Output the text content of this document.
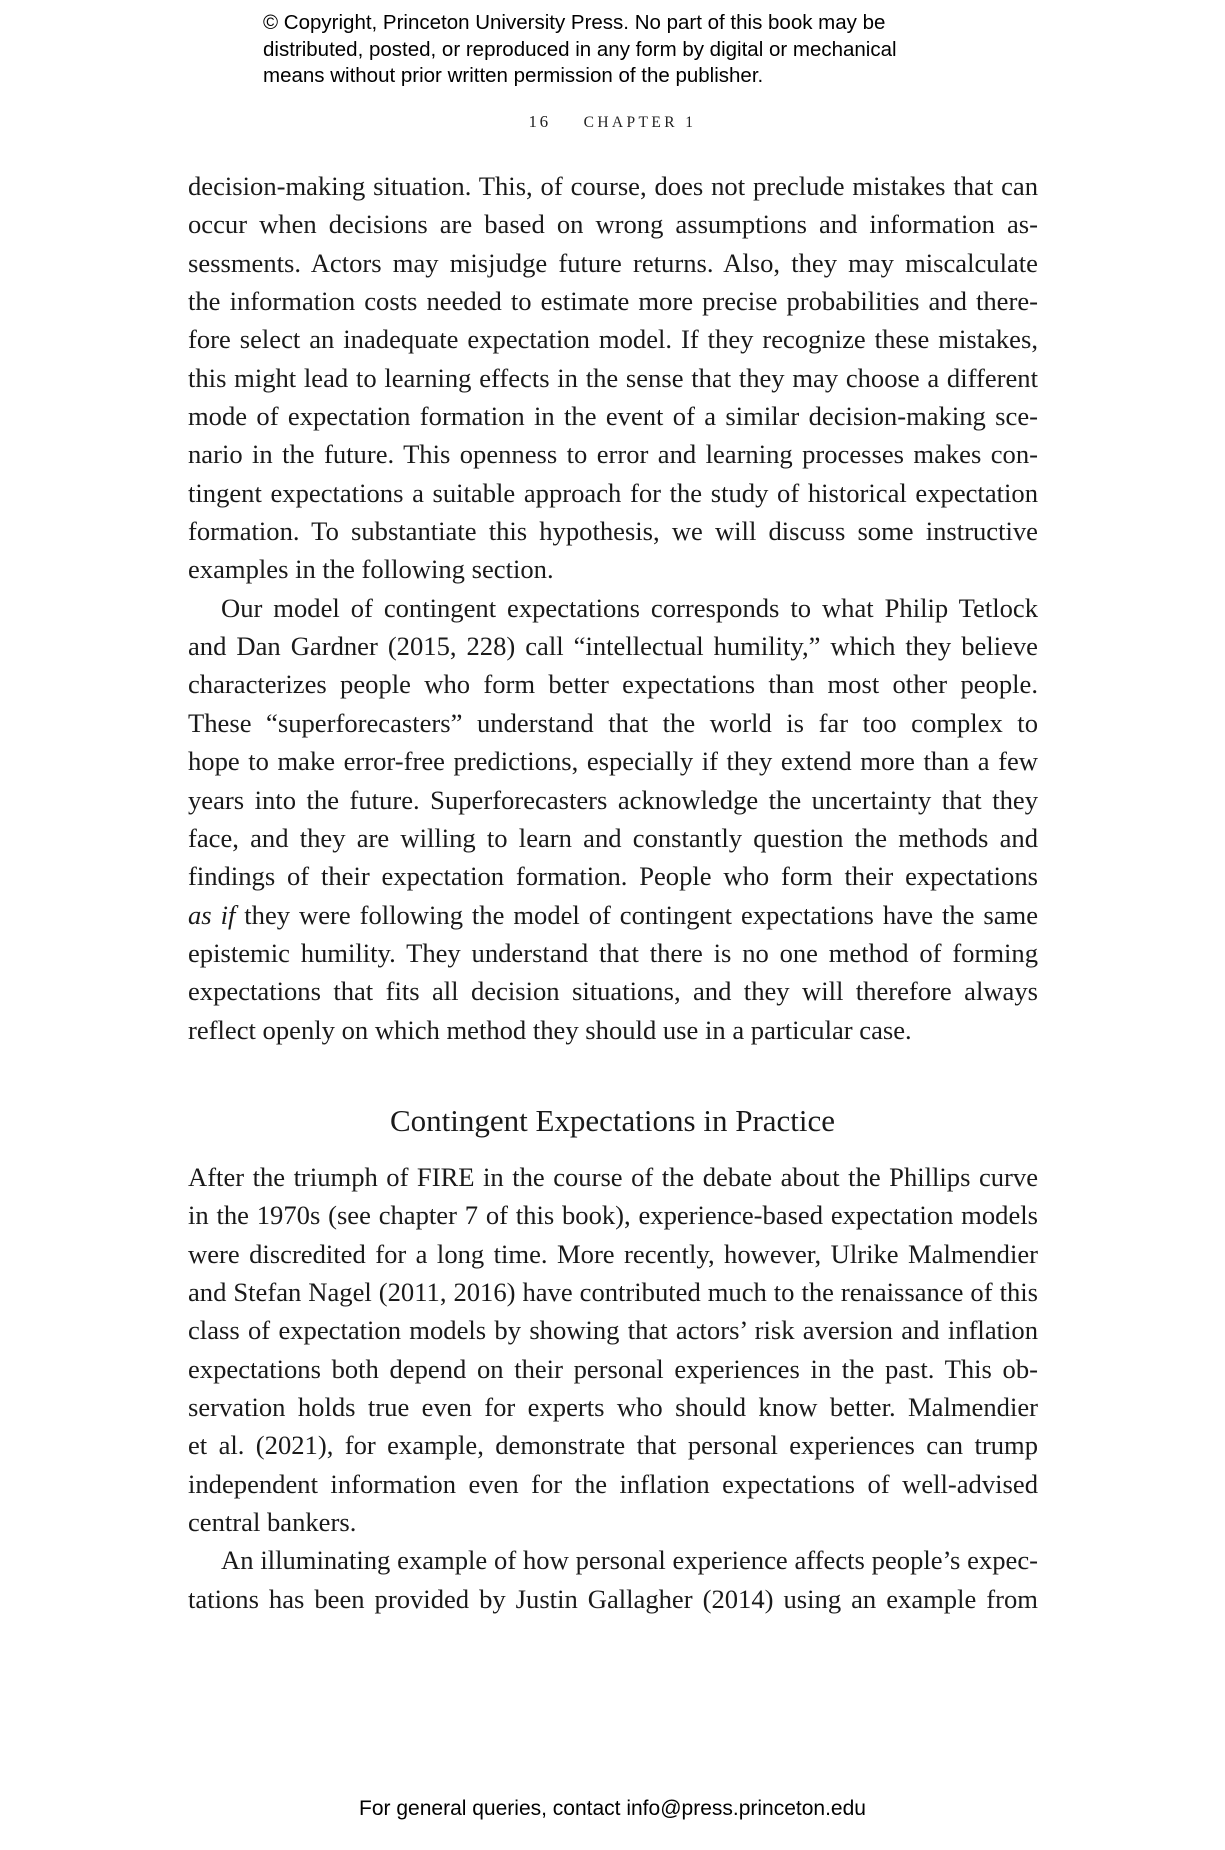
© Copyright, Princeton University Press. No part of this book may be
distributed, posted, or reproduced in any form by digital or mechanical
means without prior written permission of the publisher.
16 CHAPTER 1
decision-making situation. This, of course, does not preclude mistakes that can
occur when decisions are based on wrong assumptions and information as-
sessments. Actors may misjudge future returns. Also, they may miscalculate
the information costs needed to estimate more precise probabilities and there-
fore select an inadequate expectation model. If they recognize these mistakes,
this might lead to learning effects in the sense that they may choose a different
mode of expectation formation in the event of a similar decision-making sce-
nario in the future. This openness to error and learning processes makes con-
tingent expectations a suitable approach for the study of historical expectation
formation. To substantiate this hypothesis, we will discuss some instructive
examples in the following section.
Our model of contingent expectations corresponds to what Philip Tetlock
and Dan Gardner (2015, 228) call “intellectual humility,” which they believe
characterizes people who form better expectations than most other people.
These “superforecasters” understand that the world is far too complex to
hope to make error-free predictions, especially if they extend more than a few
years into the future. Superforecasters acknowledge the uncertainty that they
face, and they are willing to learn and constantly question the methods and
findings of their expectation formation. People who form their expectations
as if they were following the model of contingent expectations have the same
epistemic humility. They understand that there is no one method of forming
expectations that fits all decision situations, and they will therefore always
reflect openly on which method they should use in a particular case.
Contingent Expectations in Practice
After the triumph of FIRE in the course of the debate about the Phillips curve
in the 1970s (see chapter 7 of this book), experience-based expectation models
were discredited for a long time. More recently, however, Ulrike Malmendier
and Stefan Nagel (2011, 2016) have contributed much to the renaissance of this
class of expectation models by showing that actors’ risk aversion and inflation
expectations both depend on their personal experiences in the past. This ob-
servation holds true even for experts who should know better. Malmendier
et al. (2021), for example, demonstrate that personal experiences can trump
independent information even for the inflation expectations of well-advised
central bankers.
An illuminating example of how personal experience affects people’s expec-
tations has been provided by Justin Gallagher (2014) using an example from
For general queries, contact info@press.princeton.edu
